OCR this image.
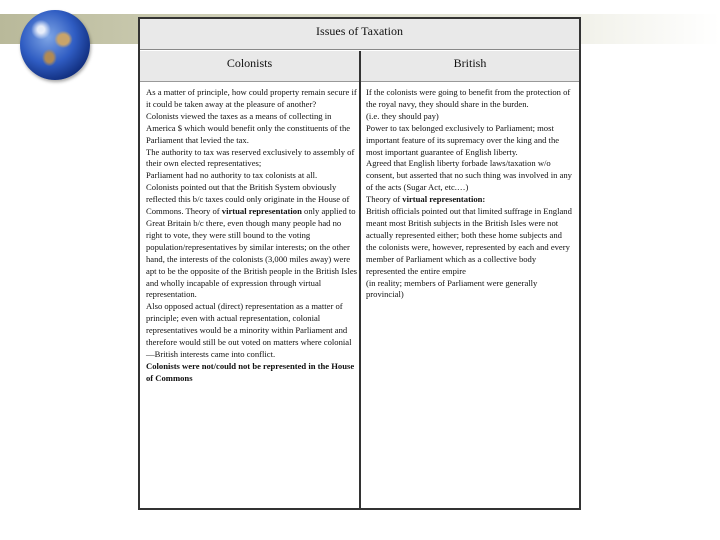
Issues of Taxation
Colonists	British

As a matter of principle, how could property remain secure if it could be taken away at the pleasure of another?

Colonists viewed the taxes as a means of collecting in America $ which would benefit only the constituents of the Parliament that levied the tax.

The authority to tax was reserved exclusively to assembly of their own elected representatives;

Parliament had no authority to tax colonists at all.

Colonists pointed out that the British System obviously reflected this b/c taxes could only originate in the House of Commons. Theory of virtual representation only applied to Great Britain b/c there, even though many people had no right to vote, they were still bound to the voting population/representatives by similar interests; on the other hand, the interests of the colonists (3,000 miles away) were apt to be the opposite of the British people in the British Isles and wholly incapable of expression through virtual representation.

Also opposed actual (direct) representation as a matter of principle; even with actual representation, colonial representatives would be a minority within Parliament and therefore would still be out voted on matters where colonial—British interests came into conflict.

Colonists were not/could not be represented in the House of Commons

If the colonists were going to benefit from the protection of the royal navy, they should share in the burden.

(i.e. they should pay)

Power to tax belonged exclusively to Parliament; most important feature of its supremacy over the king and the most important guarantee of English liberty.

Agreed that English liberty forbade laws/taxation w/o consent, but asserted that no such thing was involved in any of the acts (Sugar Act, etc.…)

Theory of virtual representation:

British officials pointed out that limited suffrage in England meant most British subjects in the British Isles were not actually represented either; both these home subjects and the colonists were, however, represented by each and every member of Parliament which as a collective body represented the entire empire

(in reality; members of Parliament were generally provincial)
